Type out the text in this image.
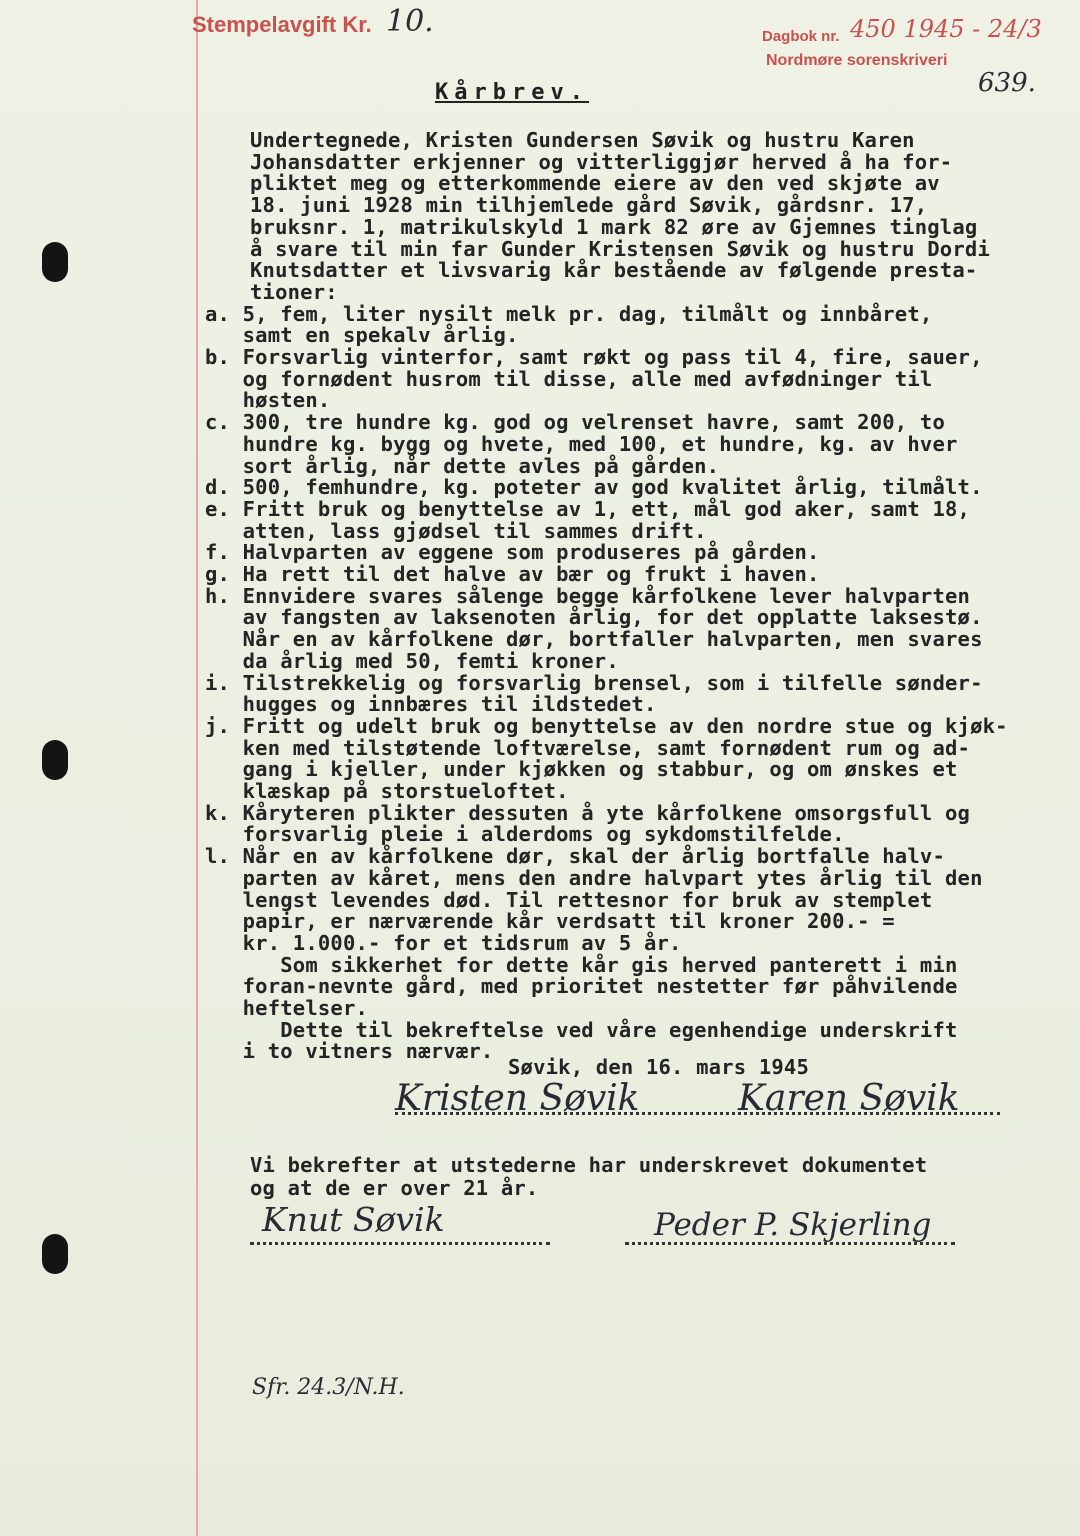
Stempelavgift Kr. 10.	Dagbok nr. 450 1945 - 24/3
Nordmøre sorenskriveri
639.
Kårbrev.
Undertegnede, Kristen Gundersen Søvik og hustru Karen
Johansdatter erkjenner og vitterliggjør herved å ha for-
pliktet meg og etterkommende eiere av den ved skjøte av
18. juni 1928 min tilhjemlede gård Søvik, gårdsnr. 17,
bruksnr. 1, matrikulskyld 1 mark 82 øre av Gjemnes tinglag
å svare til min far Gunder Kristensen Søvik og hustru Dordi
Knutsdatter et livsvarig kår bestående av følgende presta-
tioner:
a. 5, fem, liter nysilt melk pr. dag, tilmålt og innbåret,
samt en spekalv årlig.
b. Forsvarlig vinterfor, samt røkt og pass til 4, fire, sauer,
og fornødent husrom til disse, alle med avfødninger til
høsten.
c. 300, tre hundre kg. god og velrenset havre, samt 200, to
hundre kg. bygg og hvete, med 100, et hundre, kg. av hver
sort årlig, når dette avles på gården.
d. 500, femhundre, kg. poteter av god kvalitet årlig, tilmålt.
e. Fritt bruk og benyttelse av 1, ett, mål god aker, samt 18,
atten, lass gjødsel til sammes drift.
f. Halvparten av eggene som produseres på gården.
g. Ha rett til det halve av bær og frukt i haven.
h. Ennvidere svares sålenge begge kårfolkene lever halvparten
av fangsten av laksenoten årlig, for det opplatte laksestø.
Når en av kårfolkene dør, bortfaller halvparten, men svares
da årlig med 50, femti kroner.
i. Tilstrekkelig og forsvarlig brensel, som i tilfelle sønder-
hugges og innbæres til ildstedet.
j. Fritt og udelt bruk og benyttelse av den nordre stue og kjøk-
ken med tilstøtende loftværelse, samt fornødent rum og ad-
gang i kjeller, under kjøkken og stabbur, og om ønskes et
klæskap på storstueloftet.
k. Kåryteren plikter dessuten å yte kårfolkene omsorgsfull og
forsvarlig pleie i alderdoms og sykdomstilfelde.
l. Når en av kårfolkene dør, skal der årlig bortfalle halv-
parten av kåret, mens den andre halvpart ytes årlig til den
lengst levendes død. Til rettesnor for bruk av stemplet
papir, er nærværende kår verdsatt til kroner 200.- =
kr. 1.000.- for et tidsrum av 5 år.
Som sikkerhet for dette kår gis herved panterett i min
foran-nevnte gård, med prioritet nestetter før påhvilende
heftelser.
Dette til bekreftelse ved våre egenhendige underskrift
i to vitners nærvær.
Søvik, den 16. mars 1945
Kristen Søvik	Karen Søvik
Vi bekrefter at utstederne har underskrevet dokumentet
og at de er over 21 år.
Knut Søvik	Peder P. Skjerling
Sfr. 24.3/N.H.
